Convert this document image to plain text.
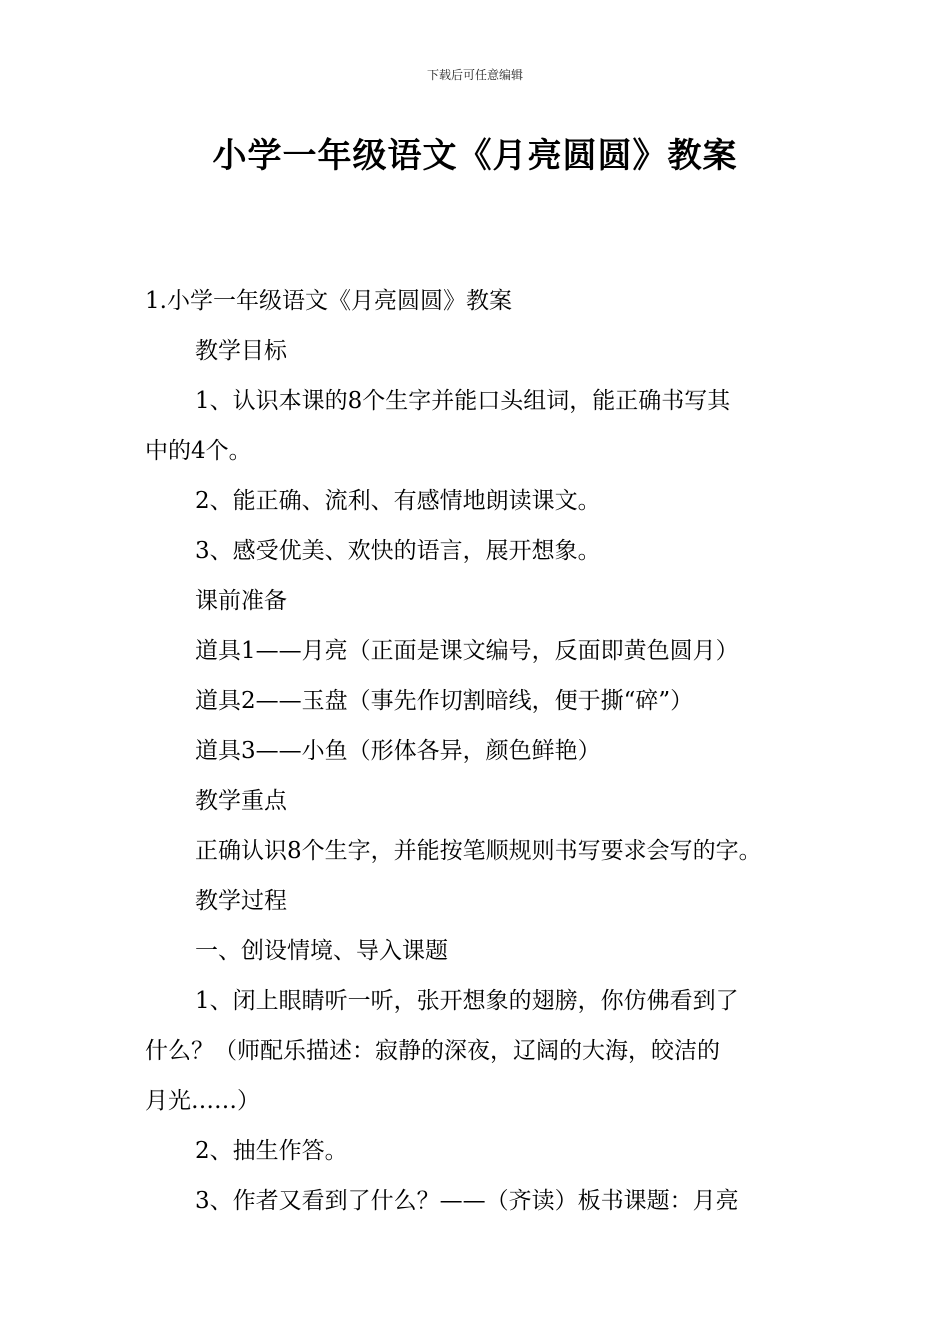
下载后可任意编辑
小学一年级语文《月亮圆圆》教案
1.小学一年级语文《月亮圆圆》教案
教学目标
1、认识本课的8个生字并能口头组词，能正确书写其
中的4个。
2、能正确、流利、有感情地朗读课文。
3、感受优美、欢快的语言，展开想象。
课前准备
道具1——月亮（正面是课文编号，反面即黄色圆月）
道具2——玉盘（事先作切割暗线，便于撕“碎”）
道具3——小鱼（形体各异，颜色鲜艳）
教学重点
正确认识8个生字，并能按笔顺规则书写要求会写的字。
教学过程
一、创设情境、导入课题
1、闭上眼睛听一听，张开想象的翅膀，你仿佛看到了
什么？（师配乐描述：寂静的深夜，辽阔的大海，皎洁的
月光……）
2、抽生作答。
3、作者又看到了什么？——（齐读）板书课题：月亮
